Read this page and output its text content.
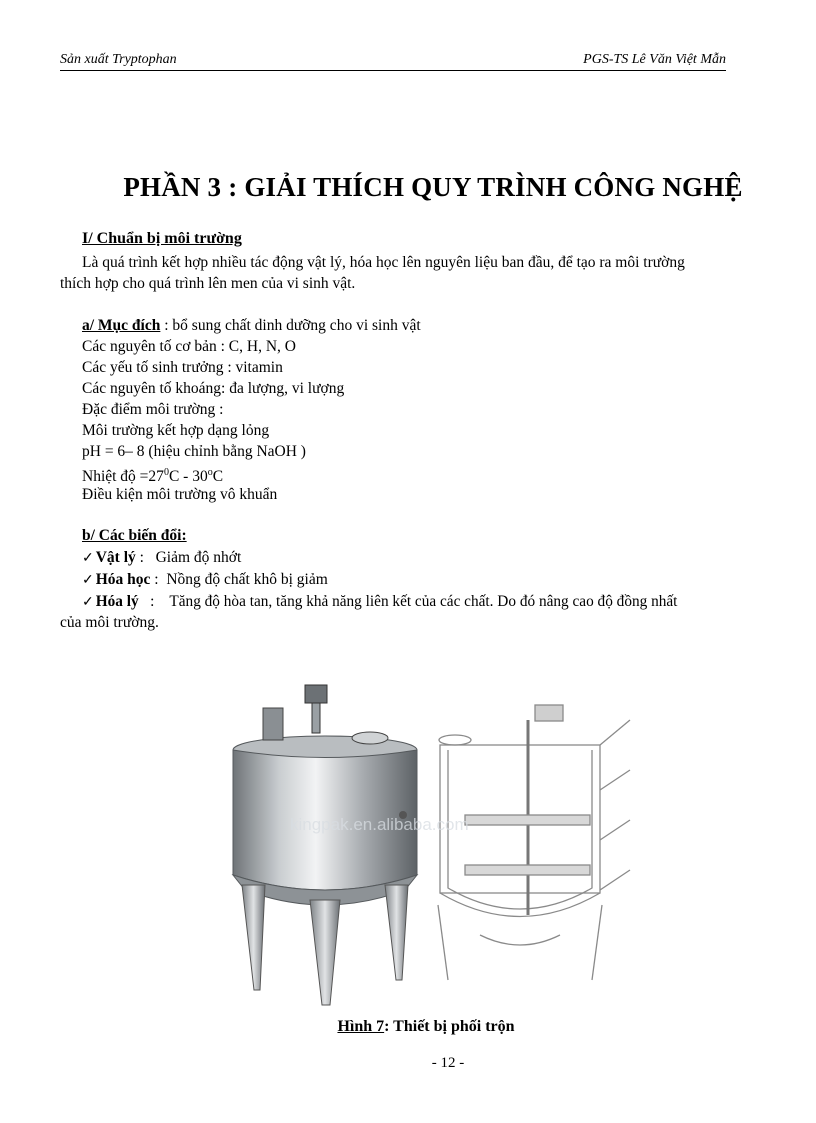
Sản xuất Tryptophan	PGS-TS Lê Văn Việt Mẫn
PHẦN 3 : GIẢI THÍCH QUY TRÌNH CÔNG NGHỆ
I/ Chuẩn bị môi trường
Là quá trình kết hợp nhiều tác động vật lý, hóa học lên nguyên liệu ban đầu, để tạo ra môi trường
thích hợp cho quá trình lên men của vi sinh vật.
a/ Mục đích : bổ sung chất dinh dưỡng cho vi sinh vật
Các nguyên tố cơ bản : C, H, N, O
Các yếu tố sinh trưởng : vitamin
Các nguyên tố khoáng: đa lượng, vi lượng
Đặc điểm môi trường :
Môi trường kết hợp dạng lỏng
pH = 6– 8 (hiệu chỉnh bằng NaOH )
Nhiệt độ $=27^0C - 30^oC$
Điều kiện môi trường vô khuẩn
b/ Các biến đổi:
✓ Vật lý :   Giảm độ nhớt
✓ Hóa học :  Nồng độ chất khô bị giảm
✓ Hóa lý   :    Tăng độ hòa tan, tăng khả năng liên kết của các chất. Do đó nâng cao độ đồng nhất
của môi trường.
kingpak.en.alibaba.com
Hình 7: Thiết bị phối trộn
- 12 -
